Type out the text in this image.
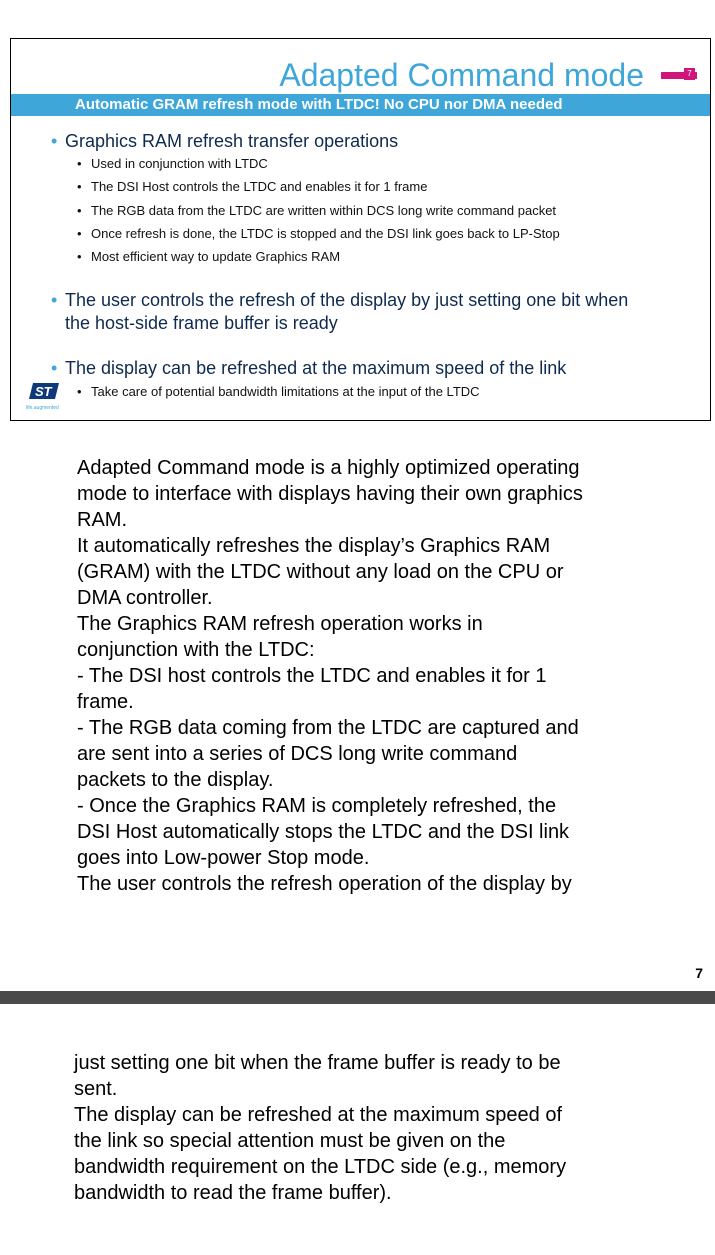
Adapted Command mode	7
Automatic GRAM refresh mode with LTDC! No CPU nor DMA needed
• Graphics RAM refresh transfer operations
• Used in conjunction with LTDC
• The DSI Host controls the LTDC and enables it for 1 frame
• The RGB data from the LTDC are written within DCS long write command packet
• Once refresh is done, the LTDC is stopped and the DSI link goes back to LP-Stop
• Most efficient way to update Graphics RAM
• The user controls the refresh of the display by just setting one bit when
the host-side frame buffer is ready
• The display can be refreshed at the maximum speed of the link
• Take care of potential bandwidth limitations at the input of the LTDC
ST
life.augmented

Adapted Command mode is a highly optimized operating

mode to interface with displays having their own graphics

RAM.

It automatically refreshes the display’s Graphics RAM

(GRAM) with the LTDC without any load on the CPU or

DMA controller.

The Graphics RAM refresh operation works in

conjunction with the LTDC:

- The DSI host controls the LTDC and enables it for 1

frame.

- The RGB data coming from the LTDC are captured and

are sent into a series of DCS long write command

packets to the display.

- Once the Graphics RAM is completely refreshed, the

DSI Host automatically stops the LTDC and the DSI link

goes into Low-power Stop mode.

The user controls the refresh operation of the display by

7

just setting one bit when the frame buffer is ready to be

sent.

The display can be refreshed at the maximum speed of

the link so special attention must be given on the

bandwidth requirement on the LTDC side (e.g., memory

bandwidth to read the frame buffer).
